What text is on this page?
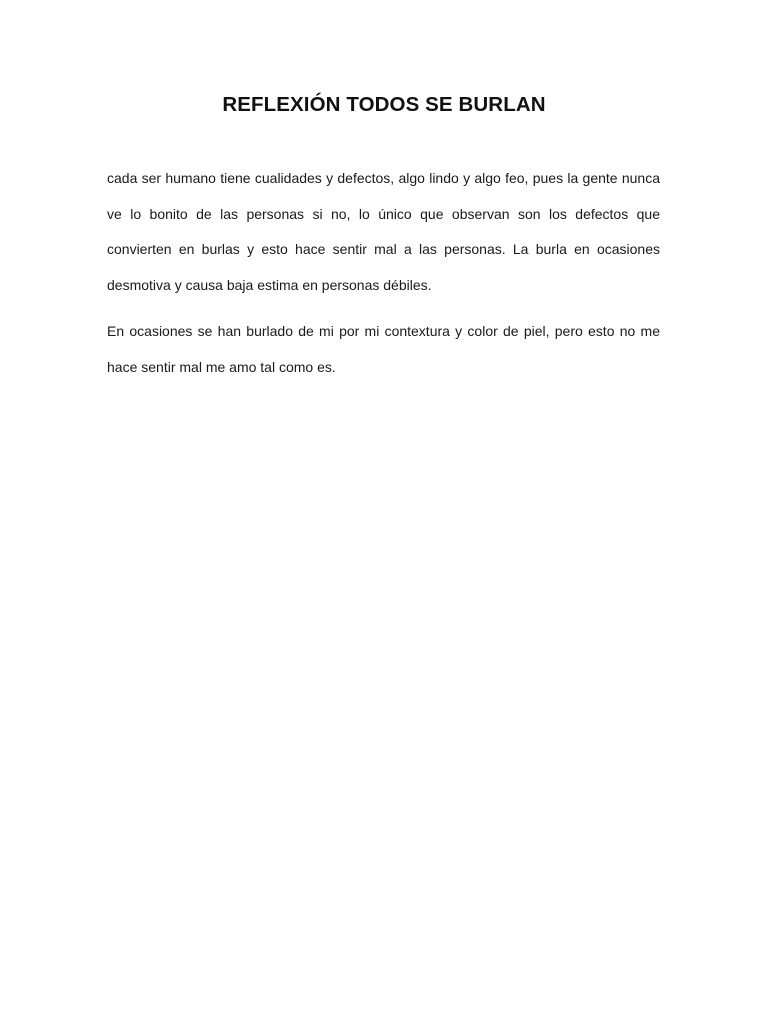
REFLEXIÓN TODOS SE BURLAN

cada ser humano tiene cualidades y defectos, algo lindo y algo feo, pues la gente nunca ve lo bonito de las personas si no, lo único que observan son los defectos que convierten en burlas y esto hace sentir mal a las personas. La burla en ocasiones desmotiva y causa baja estima en personas débiles.

En ocasiones se han burlado de mi por mi contextura y color de piel, pero esto no me hace sentir mal me amo tal como es.
